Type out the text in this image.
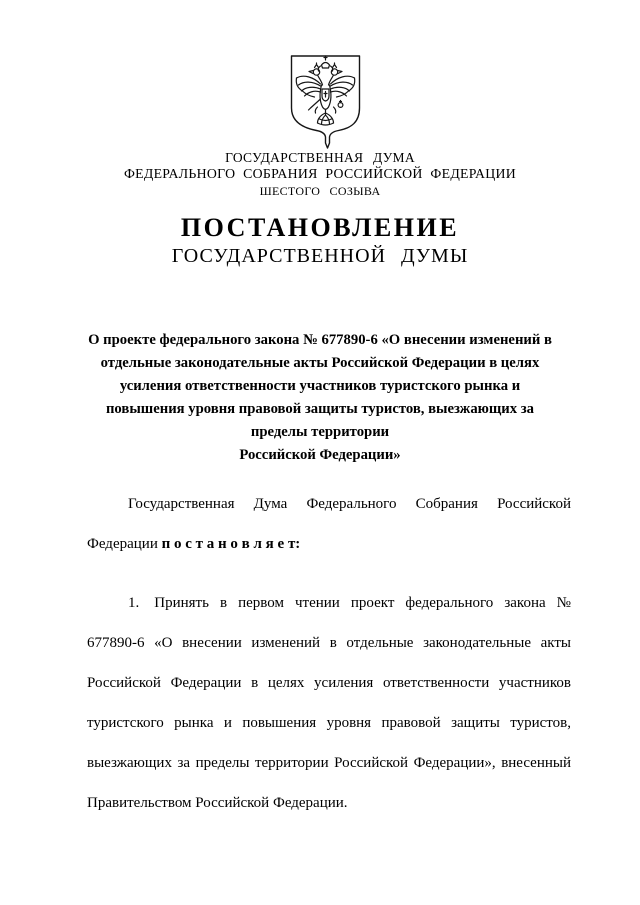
ГОСУДАРСТВЕННАЯ ДУМА
ФЕДЕРАЛЬНОГО СОБРАНИЯ РОССИЙСКОЙ ФЕДЕРАЦИИ
ШЕСТОГО СОЗЫВА
ПОСТАНОВЛЕНИЕ
ГОСУДАРСТВЕННОЙ ДУМЫ
О проекте федерального закона № 677890-6 «О внесении изменений в
отдельные законодательные акты Российской Федерации в целях
усиления ответственности участников туристского рынка и
повышения уровня правовой защиты туристов, выезжающих за
пределы территории
Российской Федерации»

Государственная Дума Федерального Собрания Российской
Федерации п о с т а н о в л я е т:

1. Принять в первом чтении проект федерального закона № 677890-6 «О внесении изменений в отдельные законодательные акты Российской Федерации в целях усиления ответственности участников туристского рынка и повышения уровня правовой защиты туристов, выезжающих за пределы территории Российской Федерации», внесенный Правительством Российской Федерации.
